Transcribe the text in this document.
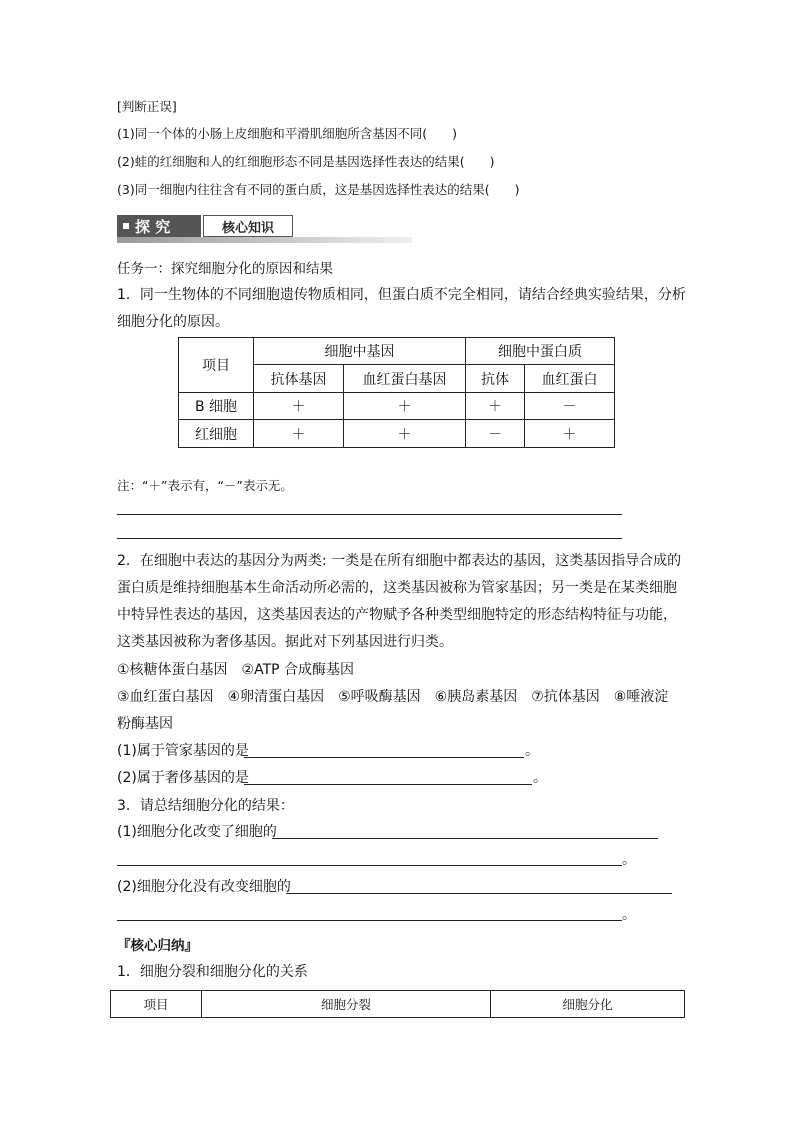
[判断正误]
(1)同一个体的小肠上皮细胞和平滑肌细胞所含基因不同(　　)
(2)蛙的红细胞和人的红细胞形态不同是基因选择性表达的结果(　　)
(3)同一细胞内往往含有不同的蛋白质，这是基因选择性表达的结果(　　)
探 究	核心知识
任务一：探究细胞分化的原因和结果
1．同一生物体的不同细胞遗传物质相同，但蛋白质不完全相同，请结合经典实验结果，分析
细胞分化的原因。
项目	细胞中基因		细胞中蛋白质	
	抗体基因	血红蛋白基因	抗体	血红蛋白
B 细胞	＋	＋	＋	－
红细胞	＋	＋	－	＋
注：“＋”表示有，“－”表示无。
2．在细胞中表达的基因分为两类: 一类是在所有细胞中都表达的基因，这类基因指导合成的
蛋白质是维持细胞基本生命活动所必需的，这类基因被称为管家基因；另一类是在某类细胞
中特异性表达的基因，这类基因表达的产物赋予各种类型细胞特定的形态结构特征与功能，
这类基因被称为奢侈基因。据此对下列基因进行归类。
①核糖体蛋白基因　②ATP 合成酶基因
③血红蛋白基因　④卵清蛋白基因　⑤呼吸酶基因　⑥胰岛素基因　⑦抗体基因　⑧唾液淀
粉酶基因
(1)属于管家基因的是	。
(2)属于奢侈基因的是	。
3．请总结细胞分化的结果：
(1)细胞分化改变了细胞的
。
(2)细胞分化没有改变细胞的
。
『核心归纳』
1．细胞分裂和细胞分化的关系
项目	细胞分裂	细胞分化
